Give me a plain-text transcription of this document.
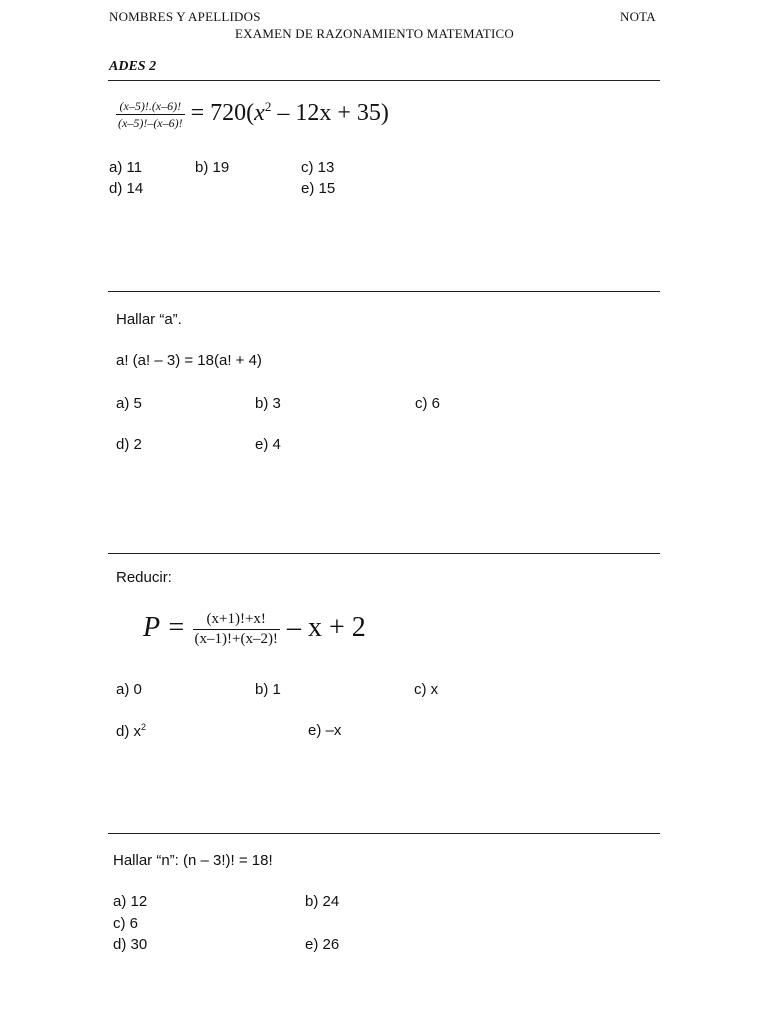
NOMBRES Y APELLIDOS	NOTA
EXAMEN DE RAZONAMIENTO MATEMATICO
ADES 2
$\frac{(x-5)!.(x-6)!}{(x-5)!-(x-6)!} = 720(x^2 - 12x + 35)$
a) 11	b) 19	c) 13
d) 14	e) 15
Hallar “a”.
a! (a! – 3) = 18(a! + 4)
a) 5	b) 3	c) 6
d) 2	e) 4
Reducir:
$P = \frac{(x+1)!+x!}{(x-1)!+(x-2)!} - x + 2$
a) 0	b) 1	c) x
d) $x^2$	e) –x
Hallar “n”: (n – 3!)! = 18!
a) 12	b) 24
c) 6
d) 30	e) 26
